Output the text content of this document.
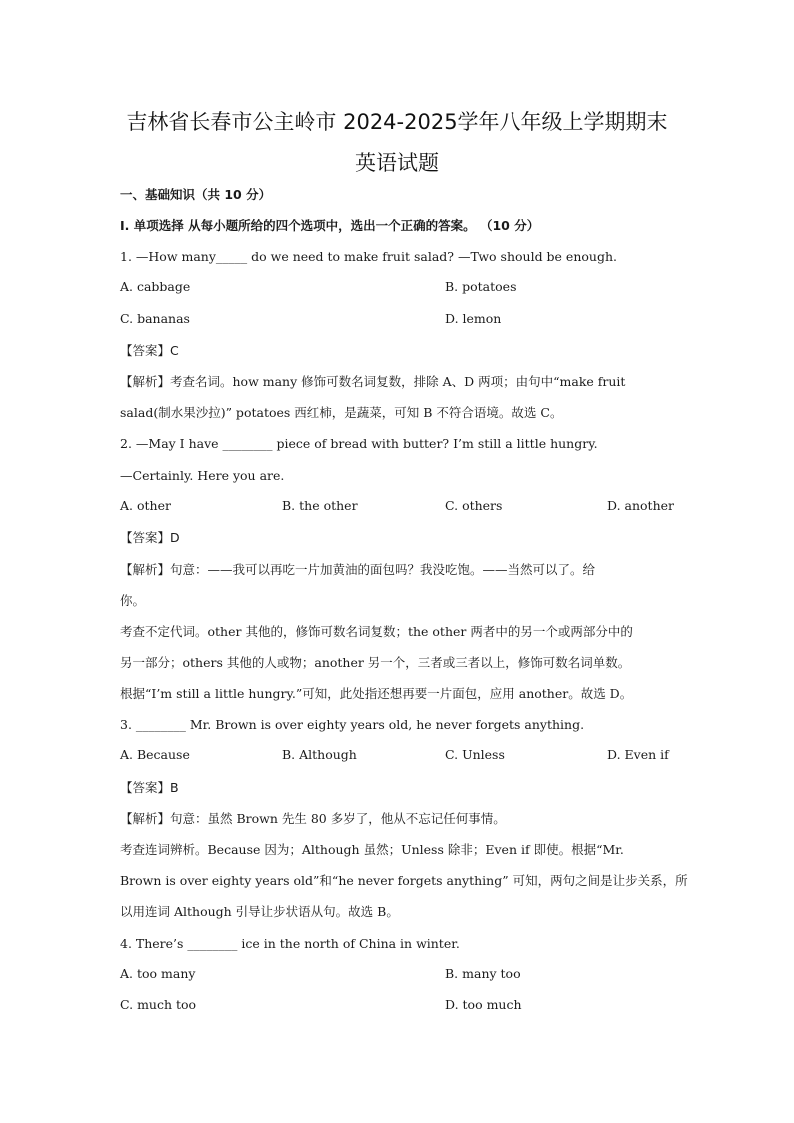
吉林省长春市公主岭市 2024-2025学年八年级上学期期末
英语试题
一、基础知识（共 10 分）
I. 单项选择 从每小题所给的四个选项中，选出一个正确的答案。 （10 分）
1. —How many_____ do we need to make fruit salad? —Two should be enough.
A. cabbage	B. potatoes
C. bananas	D. lemon
【答案】C
【解析】考查名词。how many 修饰可数名词复数，排除 A、D 两项；由句中“make fruit
salad(制水果沙拉)” potatoes 西红柿，是蔬菜，可知 B 不符合语境。故选 C。
2. —May I have ________ piece of bread with butter? I’m still a little hungry.
—Certainly. Here you are.
A. other	B. the other	C. others	D. another
【答案】D
【解析】句意：——我可以再吃一片加黄油的面包吗？我没吃饱。——当然可以了。给
你。
考查不定代词。other 其他的，修饰可数名词复数；the other 两者中的另一个或两部分中的
另一部分；others 其他的人或物；another 另一个，三者或三者以上，修饰可数名词单数。
根据“I’m still a little hungry.”可知，此处指还想再要一片面包，应用 another。故选 D。
3. ________ Mr. Brown is over eighty years old, he never forgets anything.
A. Because	B. Although	C. Unless	D. Even if
【答案】B
【解析】句意：虽然 Brown 先生 80 多岁了，他从不忘记任何事情。
考查连词辨析。Because 因为；Although 虽然；Unless 除非；Even if 即使。根据“Mr.
Brown is over eighty years old”和“he never forgets anything” 可知，两句之间是让步关系，所
以用连词 Although 引导让步状语从句。故选 B。
4. There’s ________ ice in the north of China in winter.
A. too many	B. many too
C. much too	D. too much
